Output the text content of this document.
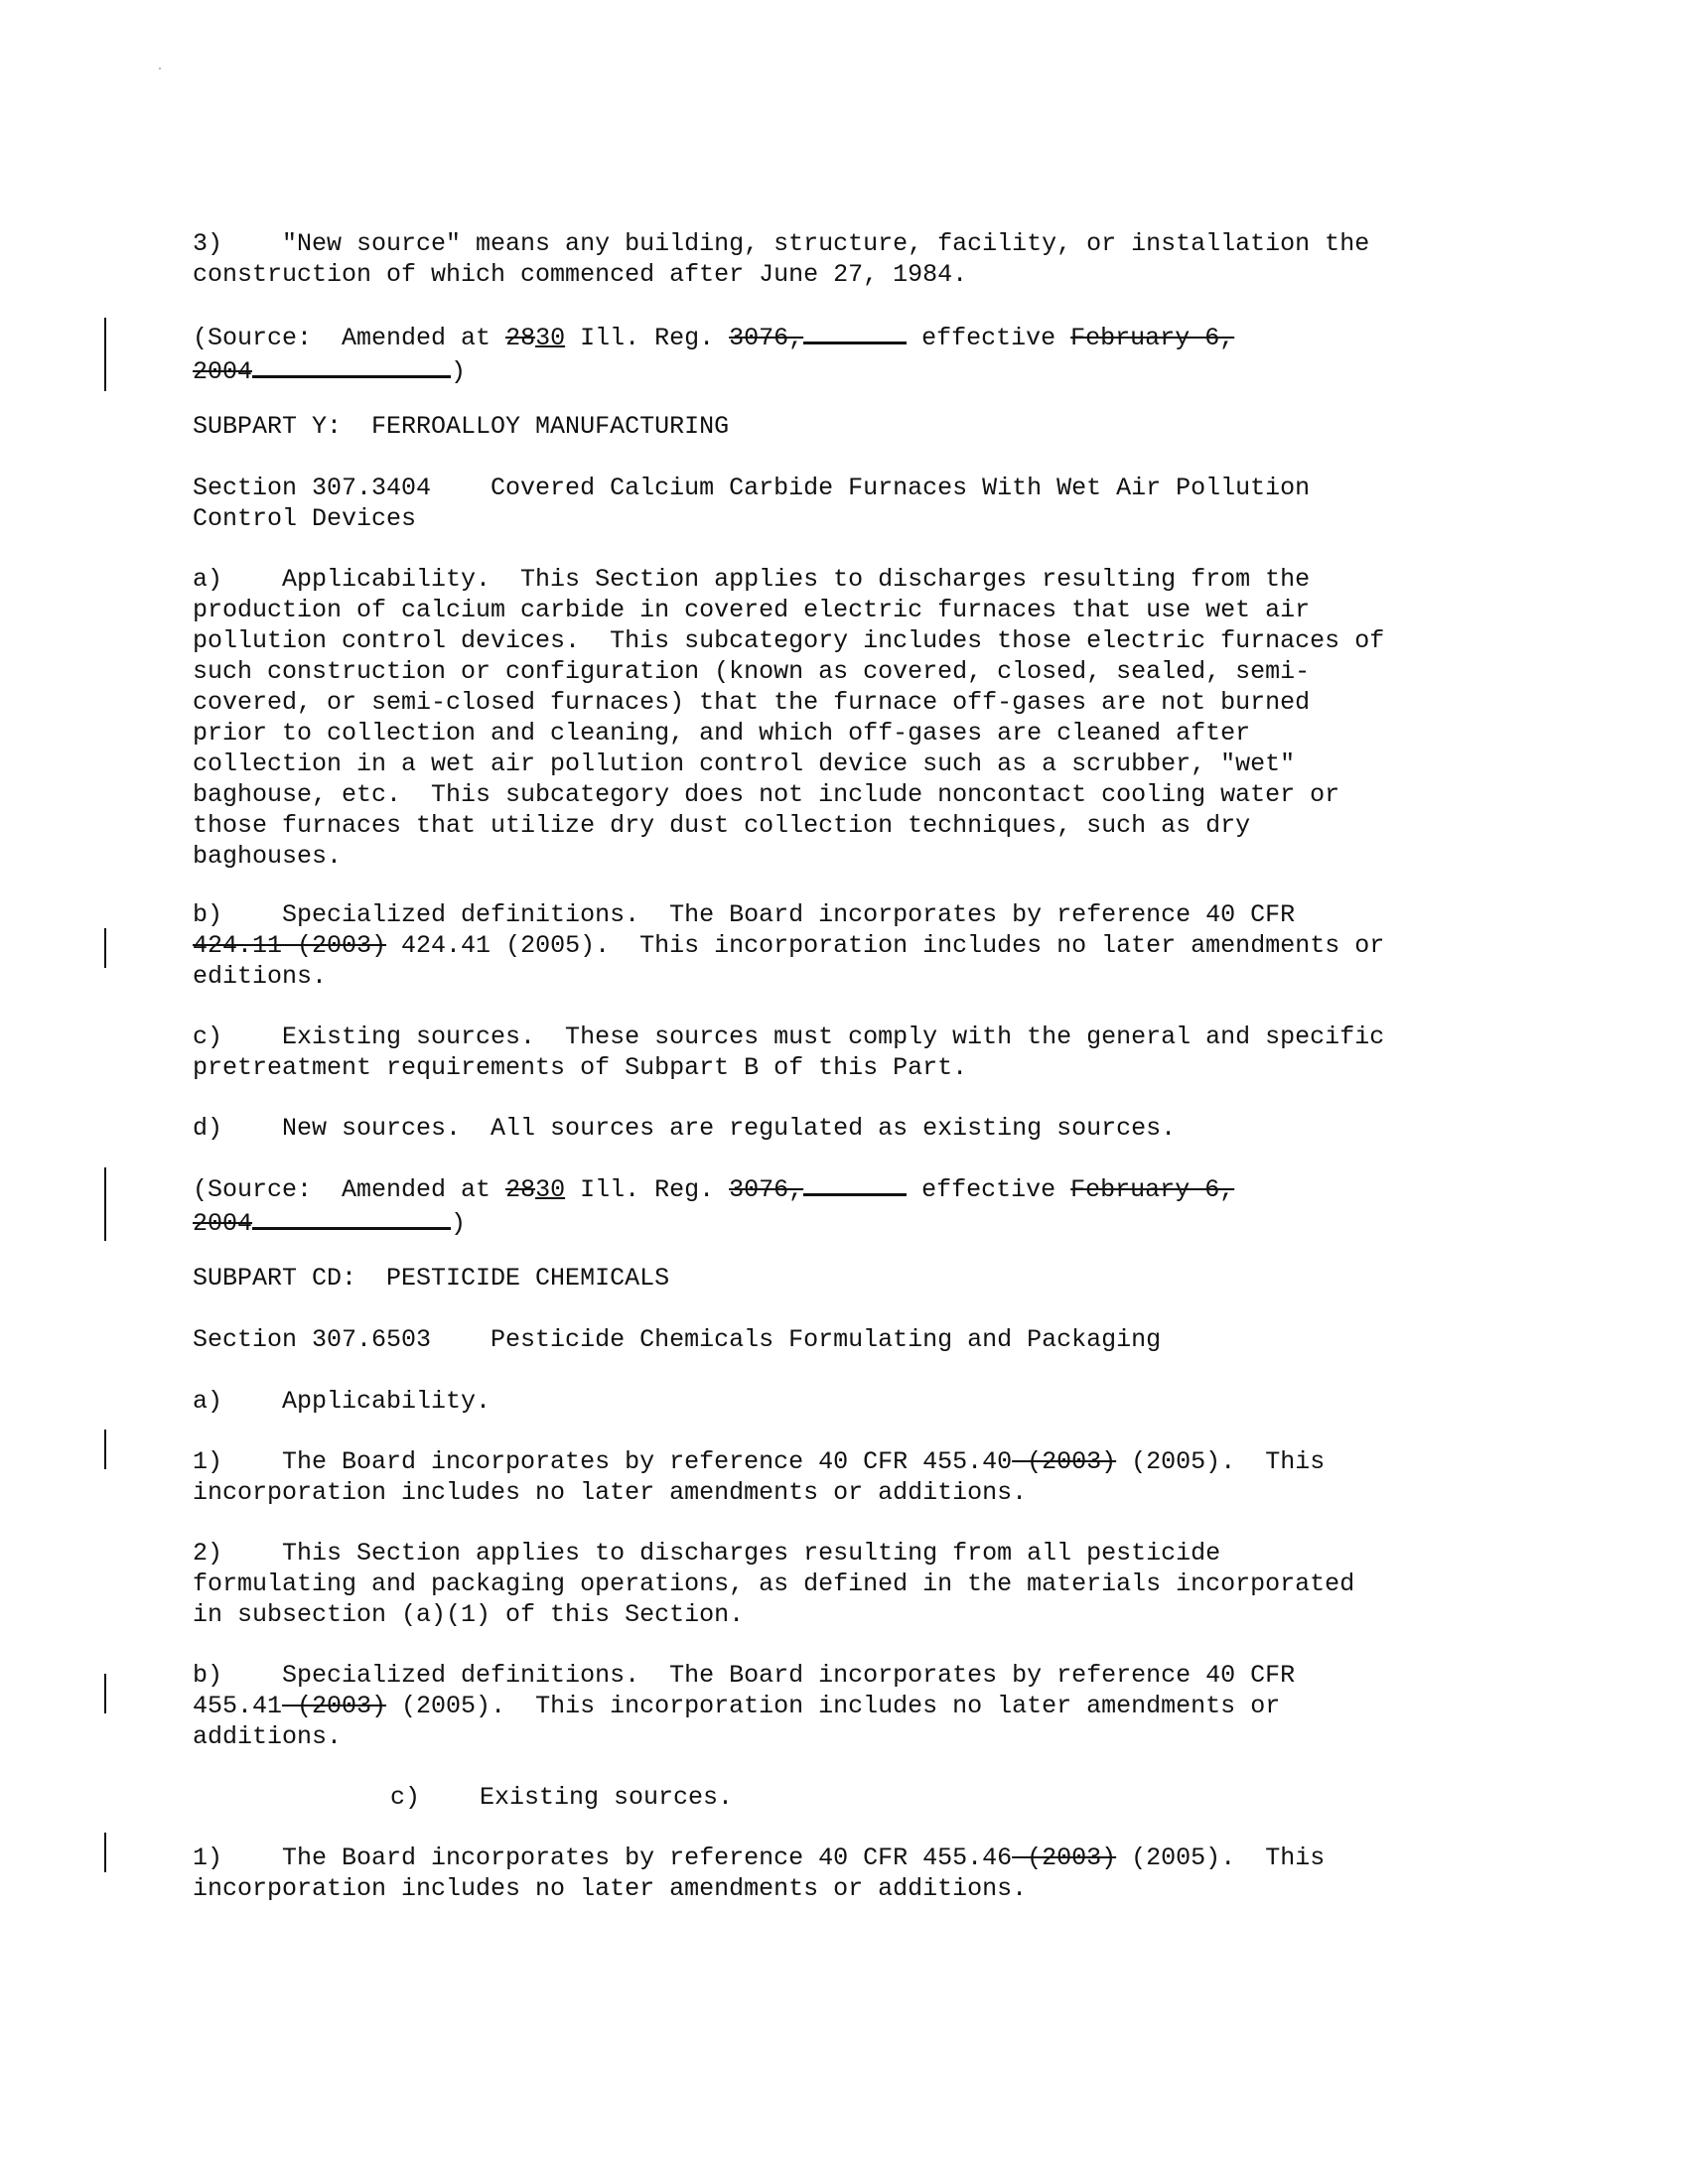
3)    "New source" means any building, structure, facility, or installation the
construction of which commenced after June 27, 1984.

(Source:  Amended at 2830 Ill. Reg. 3076,	effective February 6,
2004	)

SUBPART Y:  FERROALLOY MANUFACTURING

Section 307.3404    Covered Calcium Carbide Furnaces With Wet Air Pollution
Control Devices

a)    Applicability.  This Section applies to discharges resulting from the
production of calcium carbide in covered electric furnaces that use wet air
pollution control devices.  This subcategory includes those electric furnaces of
such construction or configuration (known as covered, closed, sealed, semi-
covered, or semi-closed furnaces) that the furnace off-gases are not burned
prior to collection and cleaning, and which off-gases are cleaned after
collection in a wet air pollution control device such as a scrubber, "wet"
baghouse, etc.  This subcategory does not include noncontact cooling water or
those furnaces that utilize dry dust collection techniques, such as dry
baghouses.

b)    Specialized definitions.  The Board incorporates by reference 40 CFR
424.11 (2003) 424.41 (2005).  This incorporation includes no later amendments or
editions.

c)    Existing sources.  These sources must comply with the general and specific
pretreatment requirements of Subpart B of this Part.

d)    New sources.  All sources are regulated as existing sources.

(Source:  Amended at 2830 Ill. Reg. 3076,	effective February 6,
2004	)

SUBPART CD:  PESTICIDE CHEMICALS

Section 307.6503    Pesticide Chemicals Formulating and Packaging

a)    Applicability.

1)    The Board incorporates by reference 40 CFR 455.40 (2003) (2005).  This
incorporation includes no later amendments or additions.

2)    This Section applies to discharges resulting from all pesticide
formulating and packaging operations, as defined in the materials incorporated
in subsection (a)(1) of this Section.

b)    Specialized definitions.  The Board incorporates by reference 40 CFR
455.41 (2003) (2005).  This incorporation includes no later amendments or
additions.

c)    Existing sources.

1)    The Board incorporates by reference 40 CFR 455.46 (2003) (2005).  This
incorporation includes no later amendments or additions.
